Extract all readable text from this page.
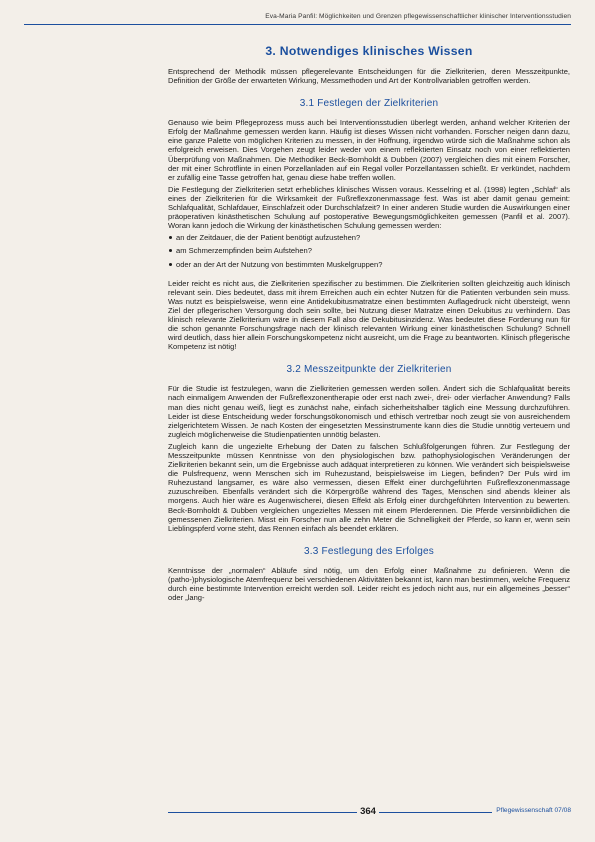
Eva-Maria Panfil: Möglichkeiten und Grenzen pflegewissenschaftlicher klinischer Interventionsstudien
3. Notwendiges klinisches Wissen

Entsprechend der Methodik müssen pflegerelevante Entscheidungen für die Zielkriterien, deren Messzeitpunkte, Definition der Größe der erwarteten Wirkung, Messmethoden und Art der Kontrollvariablen getroffen werden.

3.1 Festlegen der Zielkriterien

Genauso wie beim Pflegeprozess muss auch bei Interventionsstudien überlegt werden, anhand welcher Kriterien der Erfolg der Maßnahme gemessen werden kann. Häufig ist dieses Wissen nicht vorhanden. Forscher neigen dann dazu, eine ganze Palette von möglichen Kriterien zu messen, in der Hoffnung, irgendwo würde sich die Maßnahme schon als erfolgreich erweisen. Dies Vorgehen zeugt leider weder von einem reflektierten Einsatz noch von einer reflektierten Überprüfung von Maßnahmen. Die Methodiker Beck-Bornholdt & Dubben (2007) vergleichen dies mit einem Forscher, der mit einer Schrotflinte in einen Porzellanladen auf ein Regal voller Porzellantassen schießt. Er verkündet, nachdem er zufällig eine Tasse getroffen hat, genau diese habe treffen wollen.

Die Festlegung der Zielkriterien setzt erhebliches klinisches Wissen voraus. Kesselring et al. (1998) legten „Schlaf“ als eines der Zielkriterien für die Wirksamkeit der Fußreflexzonenmassage fest. Was ist aber damit genau gemeint: Schlafqualität, Schlafdauer, Einschlafzeit oder Durchschlafzeit? In einer anderen Studie wurden die Auswirkungen einer präoperativen kinästhetischen Schulung auf postoperative Bewegungsmöglichkeiten gemessen (Panfil et al. 2007). Woran kann jedoch die Wirkung der kinästhetischen Schulung gemessen werden:

an der Zeitdauer, die der Patient benötigt aufzustehen?
am Schmerzempfinden beim Aufstehen?
oder an der Art der Nutzung von bestimmten Muskelgruppen?

Leider reicht es nicht aus, die Zielkriterien spezifischer zu bestimmen. Die Zielkriterien sollten gleichzeitig auch klinisch relevant sein. Dies bedeutet, dass mit ihrem Erreichen auch ein echter Nutzen für die Patienten verbunden sein muss. Was nutzt es beispielsweise, wenn eine Antidekubitusmatratze einen bestimmten Auflagedruck nicht übersteigt, wenn Ziel der pflegerischen Versorgung doch sein sollte, bei Nutzung dieser Matratze einen Dekubitus zu verhindern. Das klinisch relevante Zielkriterium wäre in diesem Fall also die Dekubitusinzidenz. Was bedeutet diese Forderung nun für die schon genannte Forschungsfrage nach der klinisch relevanten Wirkung einer kinästhetischen Schulung? Schnell wird deutlich, dass hier allein Forschungskompetenz nicht ausreicht, um die Frage zu beantworten. Klinisch pflegerische Kompetenz ist nötig!

3.2 Messzeitpunkte der Zielkriterien

Für die Studie ist festzulegen, wann die Zielkriterien gemessen werden sollen. Ändert sich die Schlafqualität bereits nach einmaligem Anwenden der Fußreflexzonentherapie oder erst nach zwei-, drei- oder vierfacher Anwendung? Falls man dies nicht genau weiß, liegt es zunächst nahe, einfach sicherheitshalber täglich eine Messung durchzuführen. Leider ist diese Entscheidung weder forschungsökonomisch und ethisch vertretbar noch zeugt sie von ausreichendem zielgerichtetem Wissen. Je nach Kosten der eingesetzten Messinstrumente kann dies die Studie unnötig verteuern und zugleich möglicherweise die Studienpatienten unnötig belasten.

Zugleich kann die ungezielte Erhebung der Daten zu falschen Schlußfolgerungen führen. Zur Festlegung der Messzeitpunkte müssen Kenntnisse von den physiologischen bzw. pathophysiologischen Veränderungen der Zielkriterien bekannt sein, um die Ergebnisse auch adäquat interpretieren zu können. Wie verändert sich beispielsweise die Pulsfrequenz, wenn Menschen sich im Ruhezustand, beispielsweise im Liegen, befinden? Der Puls wird im Ruhezustand langsamer, es wäre also vermessen, diesen Effekt einer durchgeführten Fußreflexzonenmassage zuzuschreiben. Ebenfalls verändert sich die Körpergröße während des Tages, Menschen sind abends kleiner als morgens. Auch hier wäre es Augenwischerei, diesen Effekt als Erfolg einer durchgeführten Intervention zu bewerten. Beck-Bornholdt & Dubben vergleichen ungezieltes Messen mit einem Pferderennen. Die Pferde versinnbildlichen die gemessenen Zielkriterien. Misst ein Forscher nun alle zehn Meter die Schnelligkeit der Pferde, so kann er, wenn sein Lieblingspferd vorne steht, das Rennen einfach als beendet erklären.

3.3 Festlegung des Erfolges

Kenntnisse der „normalen“ Abläufe sind nötig, um den Erfolg einer Maßnahme zu definieren. Wenn die (patho-)physiologische Atemfrequenz bei verschiedenen Aktivitäten bekannt ist, kann man bestimmen, welche Frequenz durch eine bestimmte Intervention erreicht werden soll. Leider reicht es jedoch nicht aus, nur ein allgemeines „besser“ oder „lang-

364	Pflegewissenschaft 07/08
